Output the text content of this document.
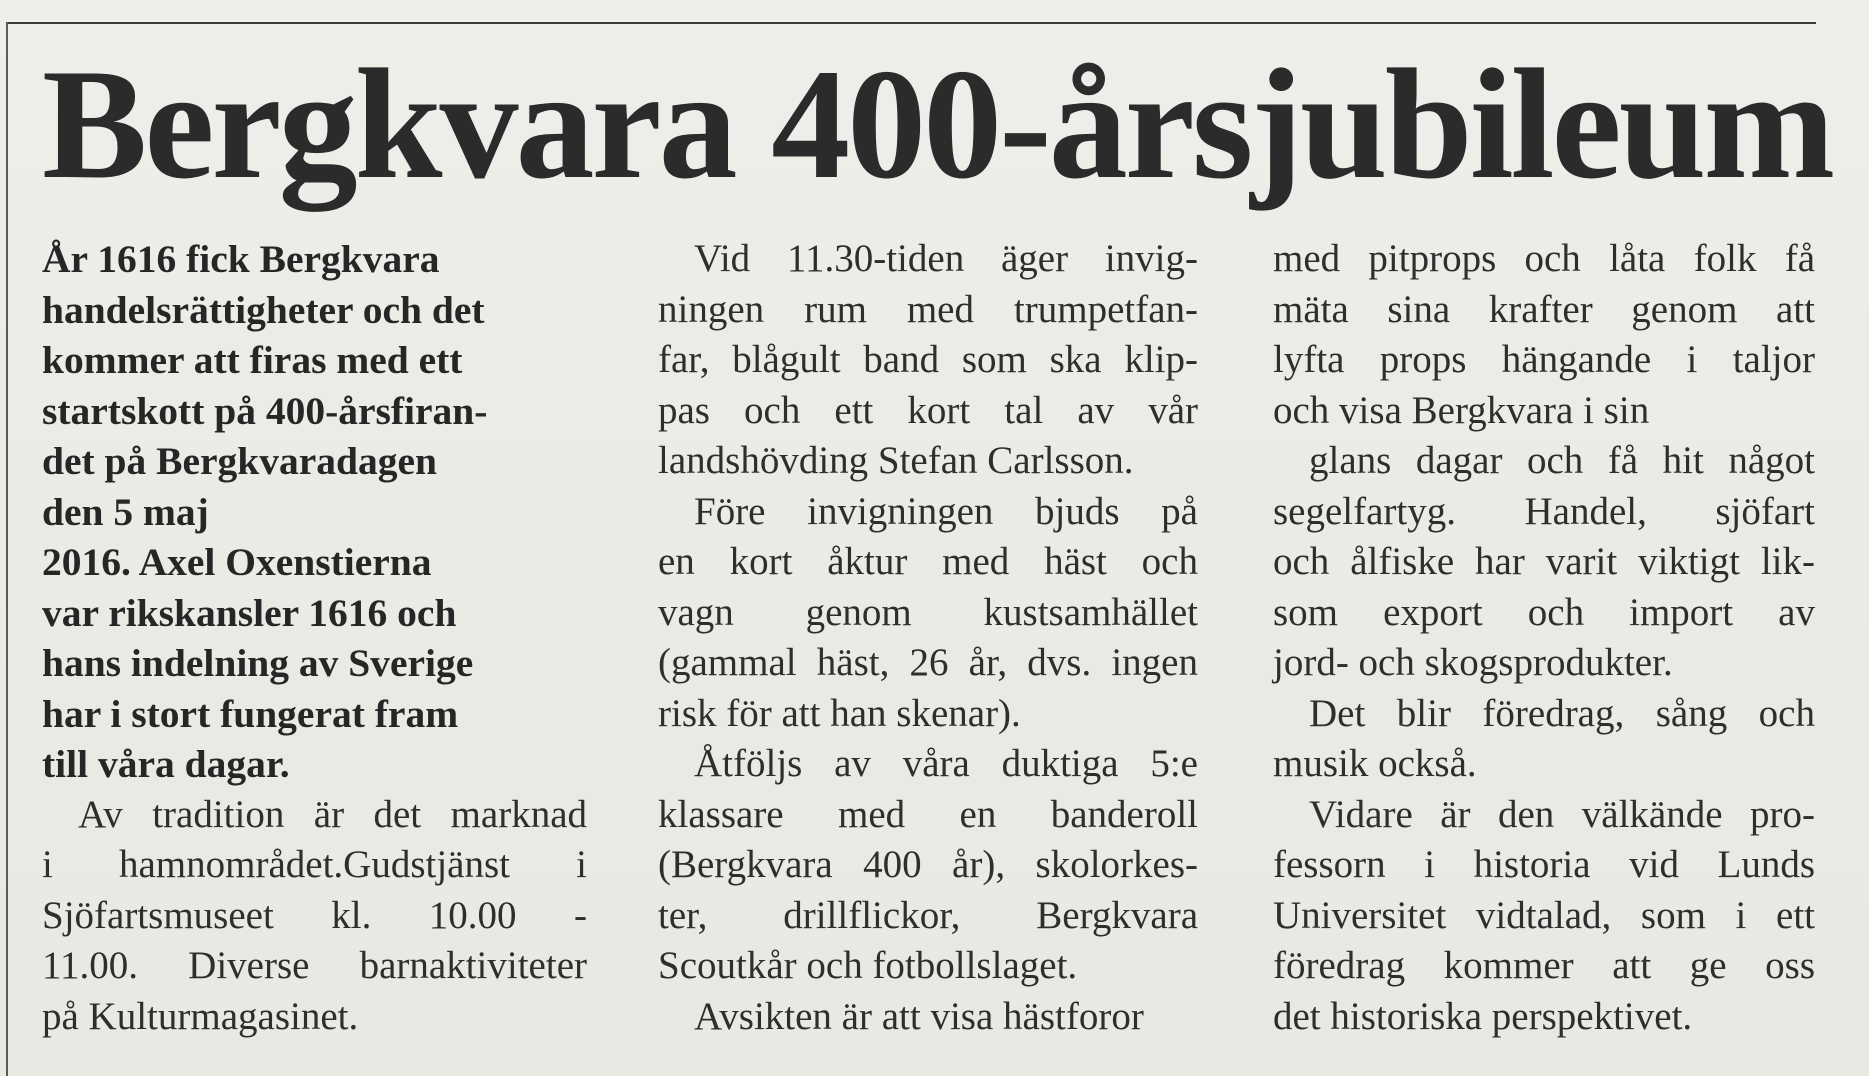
Bergkvara 400-årsjubileum
År 1616 fick Bergkvara
handelsrättigheter och det
kommer att firas med ett
startskott på 400-årsfiran-
det på Bergkvaradagen
den 5 maj
2016. Axel Oxenstierna
var rikskansler 1616 och
hans indelning av Sverige
har i stort fungerat fram
till våra dagar.
Av tradition är det marknad
i hamnområdet.Gudstjänst i
Sjöfartsmuseet kl. 10.00 -
11.00. Diverse barnaktiviteter
på Kulturmagasinet.
Vid 11.30-tiden äger invig-
ningen rum med trumpetfan-
far, blågult band som ska klip-
pas och ett kort tal av vår
landshövding Stefan Carlsson.
Före invigningen bjuds på
en kort åktur med häst och
vagn genom kustsamhället
(gammal häst, 26 år, dvs. ingen
risk för att han skenar).
Åtföljs av våra duktiga 5:e
klassare med en banderoll
(Bergkvara 400 år), skolorkes-
ter, drillflickor, Bergkvara
Scoutkår och fotbollslaget.
Avsikten är att visa hästforor
med pitprops och låta folk få
mäta sina krafter genom att
lyfta props hängande i taljor
och visa Bergkvara i sin
glans dagar och få hit något
segelfartyg. Handel, sjöfart
och ålfiske har varit viktigt lik-
som export och import av
jord- och skogsprodukter.
Det blir föredrag, sång och
musik också.
Vidare är den välkände pro-
fessorn i historia vid Lunds
Universitet vidtalad, som i ett
föredrag kommer att ge oss
det historiska perspektivet.
